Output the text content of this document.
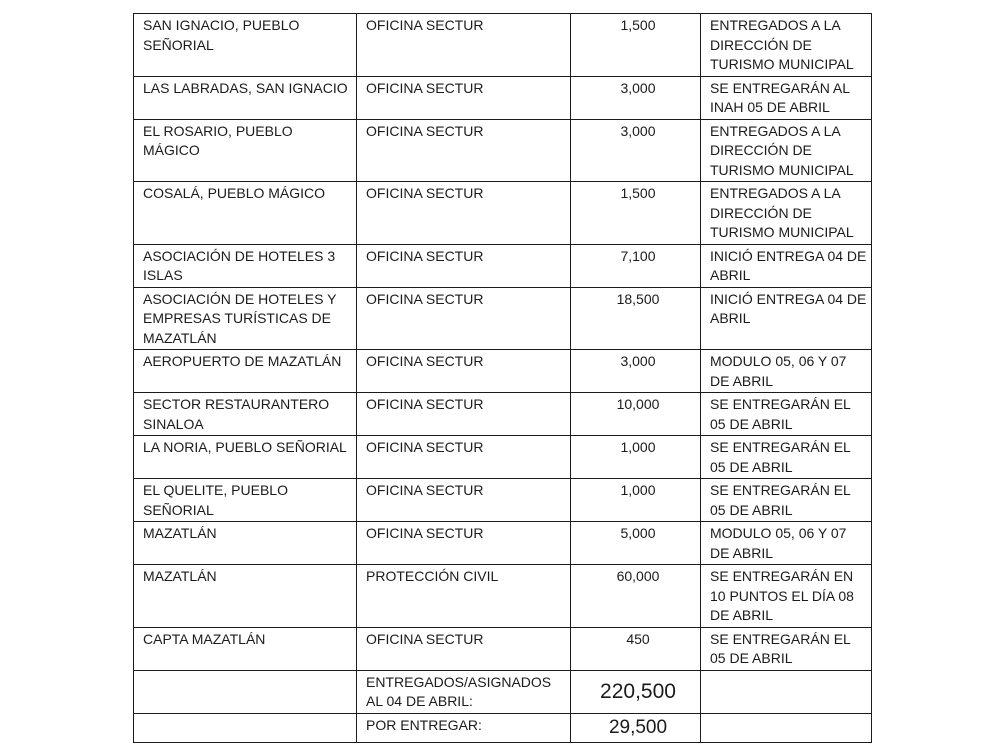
SAN IGNACIO, PUEBLO SEÑORIAL	OFICINA SECTUR	1,500	ENTREGADOS A LA DIRECCIÓN DE TURISMO MUNICIPAL
LAS LABRADAS, SAN IGNACIO	OFICINA SECTUR	3,000	SE ENTREGARÁN AL INAH 05 DE ABRIL
EL ROSARIO, PUEBLO MÁGICO	OFICINA SECTUR	3,000	ENTREGADOS A LA DIRECCIÓN DE TURISMO MUNICIPAL
COSALÁ, PUEBLO MÁGICO	OFICINA SECTUR	1,500	ENTREGADOS A LA DIRECCIÓN DE TURISMO MUNICIPAL
ASOCIACIÓN DE HOTELES 3 ISLAS	OFICINA SECTUR	7,100	INICIÓ ENTREGA 04 DE ABRIL
ASOCIACIÓN DE HOTELES Y EMPRESAS TURÍSTICAS DE MAZATLÁN	OFICINA SECTUR	18,500	INICIÓ ENTREGA 04 DE ABRIL
AEROPUERTO DE MAZATLÁN	OFICINA SECTUR	3,000	MODULO 05, 06 Y 07 DE ABRIL
SECTOR RESTAURANTERO SINALOA	OFICINA SECTUR	10,000	SE ENTREGARÁN EL 05 DE ABRIL
LA NORIA, PUEBLO SEÑORIAL	OFICINA SECTUR	1,000	SE ENTREGARÁN EL 05 DE ABRIL
EL QUELITE, PUEBLO SEÑORIAL	OFICINA SECTUR	1,000	SE ENTREGARÁN EL 05 DE ABRIL
MAZATLÁN	OFICINA SECTUR	5,000	MODULO 05, 06 Y 07 DE ABRIL
MAZATLÁN	PROTECCIÓN CIVIL	60,000	SE ENTREGARÁN EN 10 PUNTOS EL DÍA 08 DE ABRIL
CAPTA MAZATLÁN	OFICINA SECTUR	450	SE ENTREGARÁN EL 05 DE ABRIL
	ENTREGADOS/ASIGNADOS AL 04 DE ABRIL:	220,500	
	POR ENTREGAR:	29,500	
